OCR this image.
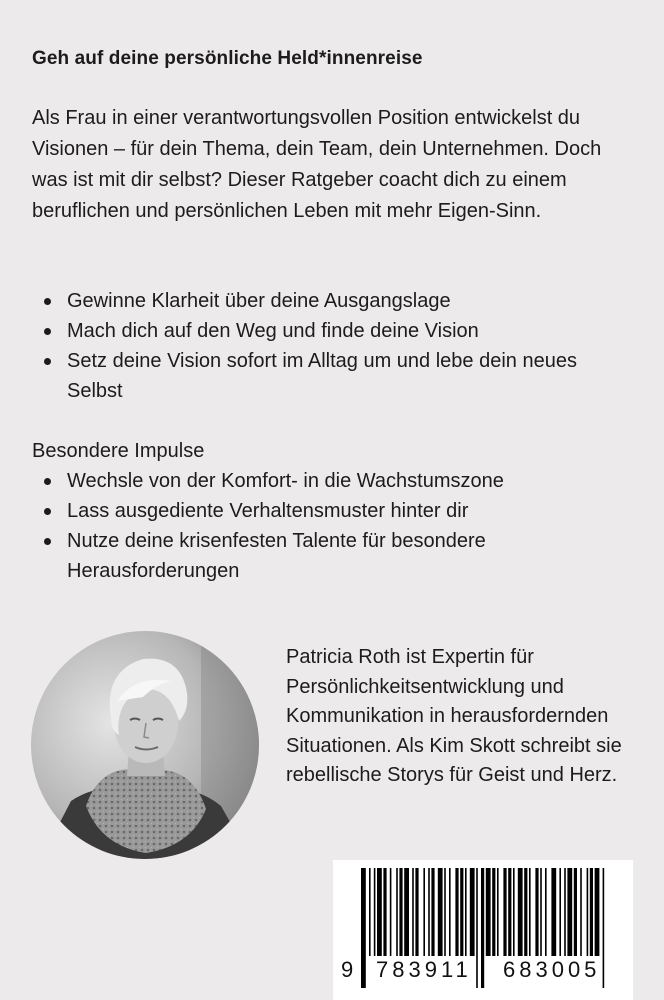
Geh auf deine persönliche Held*innenreise
Als Frau in einer verantwortungsvollen Position entwickelst du Visionen – für dein Thema, dein Team, dein Unternehmen. Doch was ist mit dir selbst? Dieser Ratgeber coacht dich zu einem beruflichen und persönlichen Leben mit mehr Eigen-Sinn.
Gewinne Klarheit über deine Ausgangslage
Mach dich auf den Weg und finde deine Vision
Setz deine Vision sofort im Alltag um und lebe dein neues Selbst
Besondere Impulse
Wechsle von der Komfort- in die Wachstumszone
Lass ausgediente Verhaltensmuster hinter dir
Nutze deine krisenfesten Talente für besondere Herausforderungen
Patricia Roth ist Expertin für Persönlichkeitsentwicklung und Kommunikation in herausfordernden Situationen. Als Kim Skott schreibt sie rebellische Storys für Geist und Herz.
9 783911 683005
